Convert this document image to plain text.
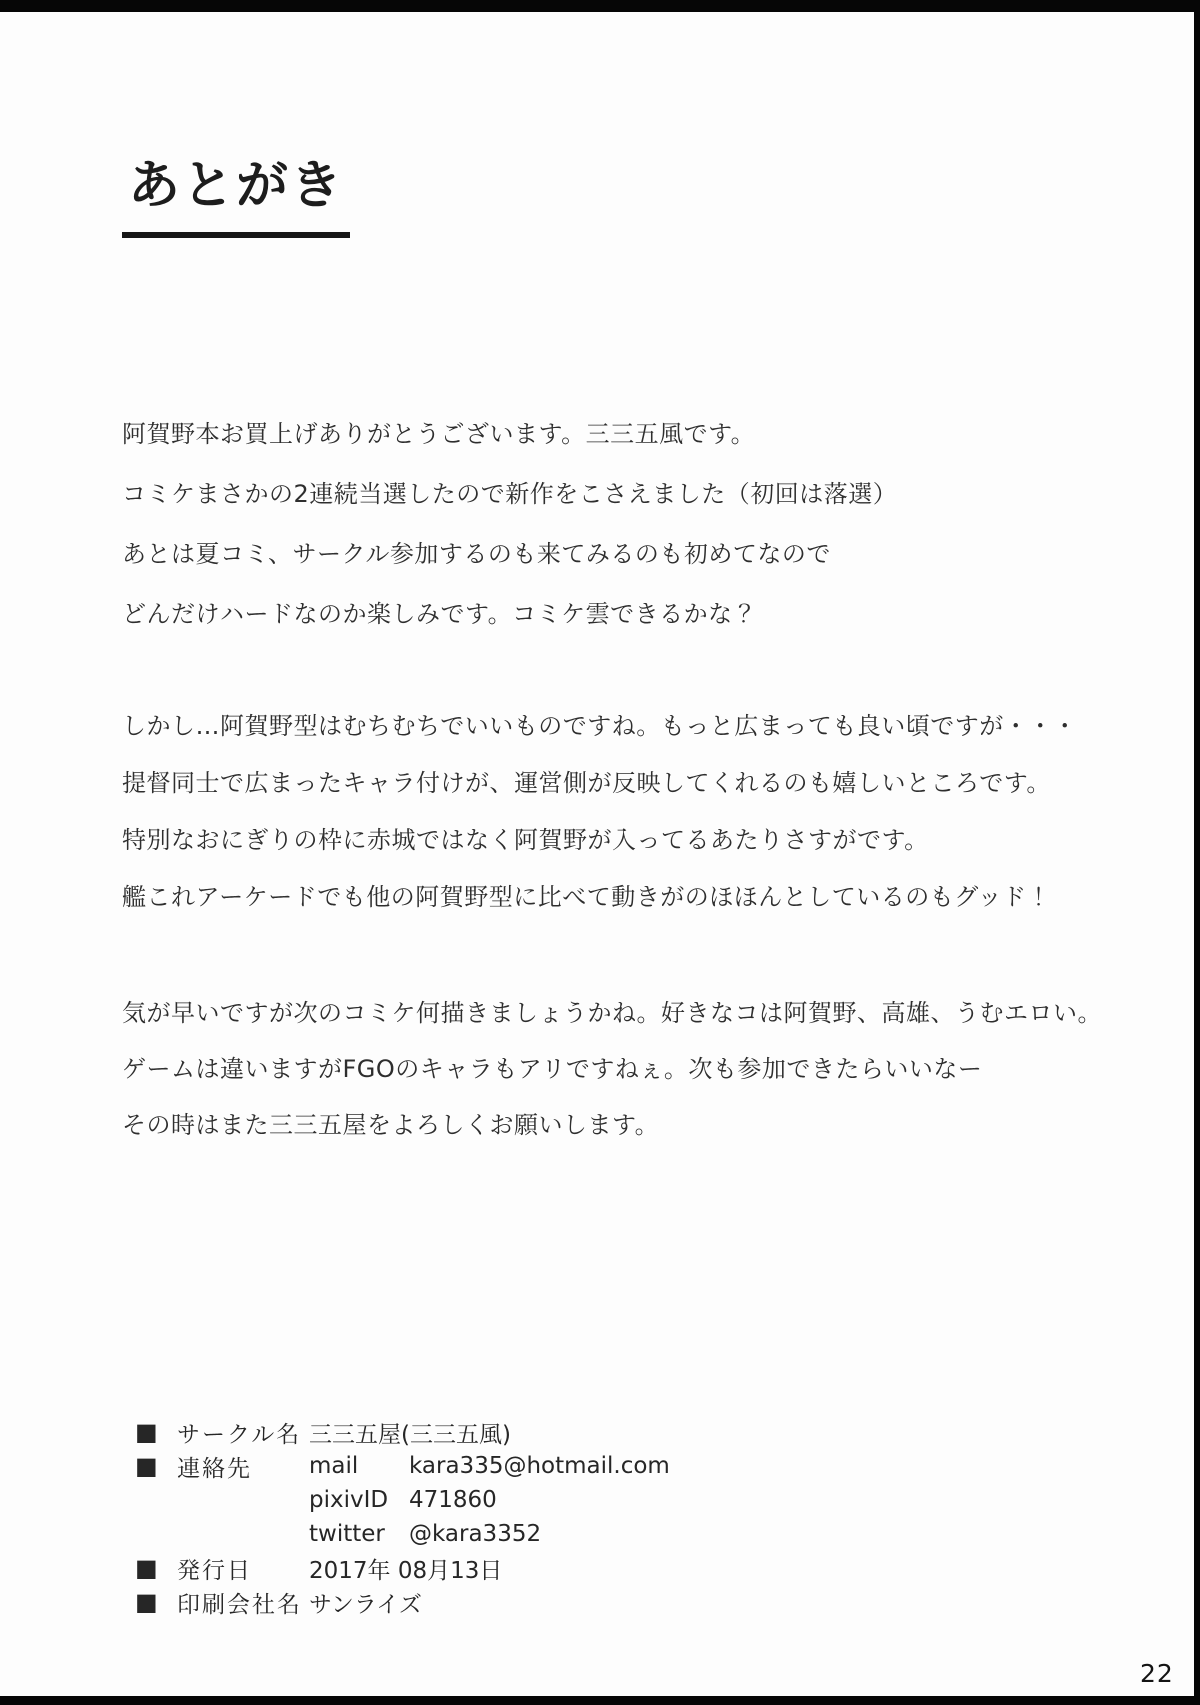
あとがき

阿賀野本お買上げありがとうございます。三三五風です。

コミケまさかの2連続当選したので新作をこさえました（初回は落選）

あとは夏コミ、サークル参加するのも来てみるのも初めてなので

どんだけハードなのか楽しみです。コミケ雲できるかな？

しかし…阿賀野型はむちむちでいいものですね。もっと広まっても良い頃ですが・・・

提督同士で広まったキャラ付けが、運営側が反映してくれるのも嬉しいところです。

特別なおにぎりの枠に赤城ではなく阿賀野が入ってるあたりさすがです。

艦これアーケードでも他の阿賀野型に比べて動きがのほほんとしているのもグッド！

気が早いですが次のコミケ何描きましょうかね。好きなコは阿賀野、高雄、うむエロい。

ゲームは違いますがFGOのキャラもアリですねぇ。次も参加できたらいいなー

その時はまた三三五屋をよろしくお願いします。

■ サークル名 三三五屋(三三五風)
■ 連絡先	mail	kara335@hotmail.com
pixivID 471860
twitter	@kara3352
■ 発行日	2017年 08月13日
■ 印刷会社名 サンライズ
22
